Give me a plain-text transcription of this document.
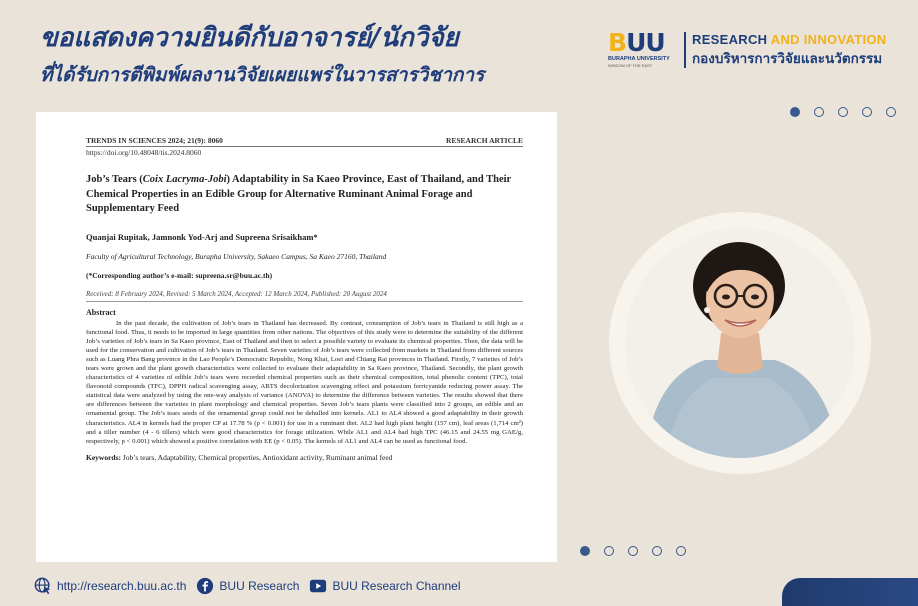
ขอแสดงความยินดีกับอาจารย์/นักวิจัย
ที่ได้รับการตีพิมพ์ผลงานวิจัยเผยแพร่ในวารสารวิชาการ
BUU
BURAPHA UNIVERSITY
WISDOM OF THE EAST
RESEARCH AND INNOVATION
กองบริหารการวิจัยและนวัตกรรม
TRENDS IN SCIENCES 2024; 21(9): 8060	RESEARCH ARTICLE
https://doi.org/10.48048/tis.2024.8060
Job’s Tears (Coix Lacryma-Jobi) Adaptability in Sa Kaeo Province, East of Thailand, and Their Chemical Properties in an Edible Group for Alternative Ruminant Animal Forage and Supplementary Feed
Quanjai Rupitak, Jamnonk Yod-Arj and Supreena Srisaikham*
Faculty of Agricultural Technology, Burapha University, Sakaeo Campus, Sa Kaeo 27160, Thailand
(*Corresponding author’s e-mail: supreena.sr@buu.ac.th)
Received: 8 February 2024, Revised: 5 March 2024, Accepted: 12 March 2024, Published: 20 August 2024
Abstract
In the past decade, the cultivation of Job’s tears in Thailand has decreased. By contrast, consumption of Job’s tears in Thailand is still high as a functional food. Thus, it needs to be imported in large quantities from other nations. The objectives of this study were to determine the suitability of the different Job’s varieties of Job’s tears in Sa Kaeo province, East of Thailand and then to select a possible variety to evaluate its chemical properties. Then, the data will be used for the conservation and cultivation of Job’s tears in Thailand. Seven varieties of Job’s tears were collected from markets in Thailand from different sources such as Luang Phra Bang province in the Lao People’s Democratic Republic, Nong Khai, Loei and Chiang Rai provinces in Thailand. Firstly, 7 varieties of Job’s tears were grown and the plant growth characteristics were collected to evaluate their adaptability in Sa Kaeo province, Thailand. Secondly, the plant growth characteristics of 4 varieties of edible Job’s tears were recorded chemical properties such as their chemical composition, total phenolic content (TPC), total flavonoid compounds (TFC), DPPH radical scavenging assay, ABTS decolorization scavenging effect and potassium ferricyanide reducing power assay. The statistical data were analyzed by using the one-way analysis of variance (ANOVA) to determine the difference between varieties. The results showed that there are differences between the varieties in plant morphology and chemical properties. Seven Job’s tears plants were classified into 2 groups, an edible and an ornamental group. The Job’s tears seeds of the ornamental group could not be dehulled into kernels. AL1 to AL4 showed a good adaptability in their growth characteristics. AL4 in kernels had the proper CP at 17.78 % (p < 0.001) for use in a ruminant diet. AL2 had high plant height (157 cm), leaf areas (1,714 cm²) and a tiller number (4 - 6 tillers) which were good characteristics for forage utilization. While AL1 and AL4 had high TPC (46.15 and 24.55 mg GAE/g, respectively, p < 0.001) which showed a positive correlation with EE (p < 0.05). The kernels of AL1 and AL4 can be used as functional food.
Keywords: Job’s tears, Adaptability, Chemical properties, Antioxidant activity, Ruminant animal feed
http://research.buu.ac.th	BUU Research	BUU Research Channel
